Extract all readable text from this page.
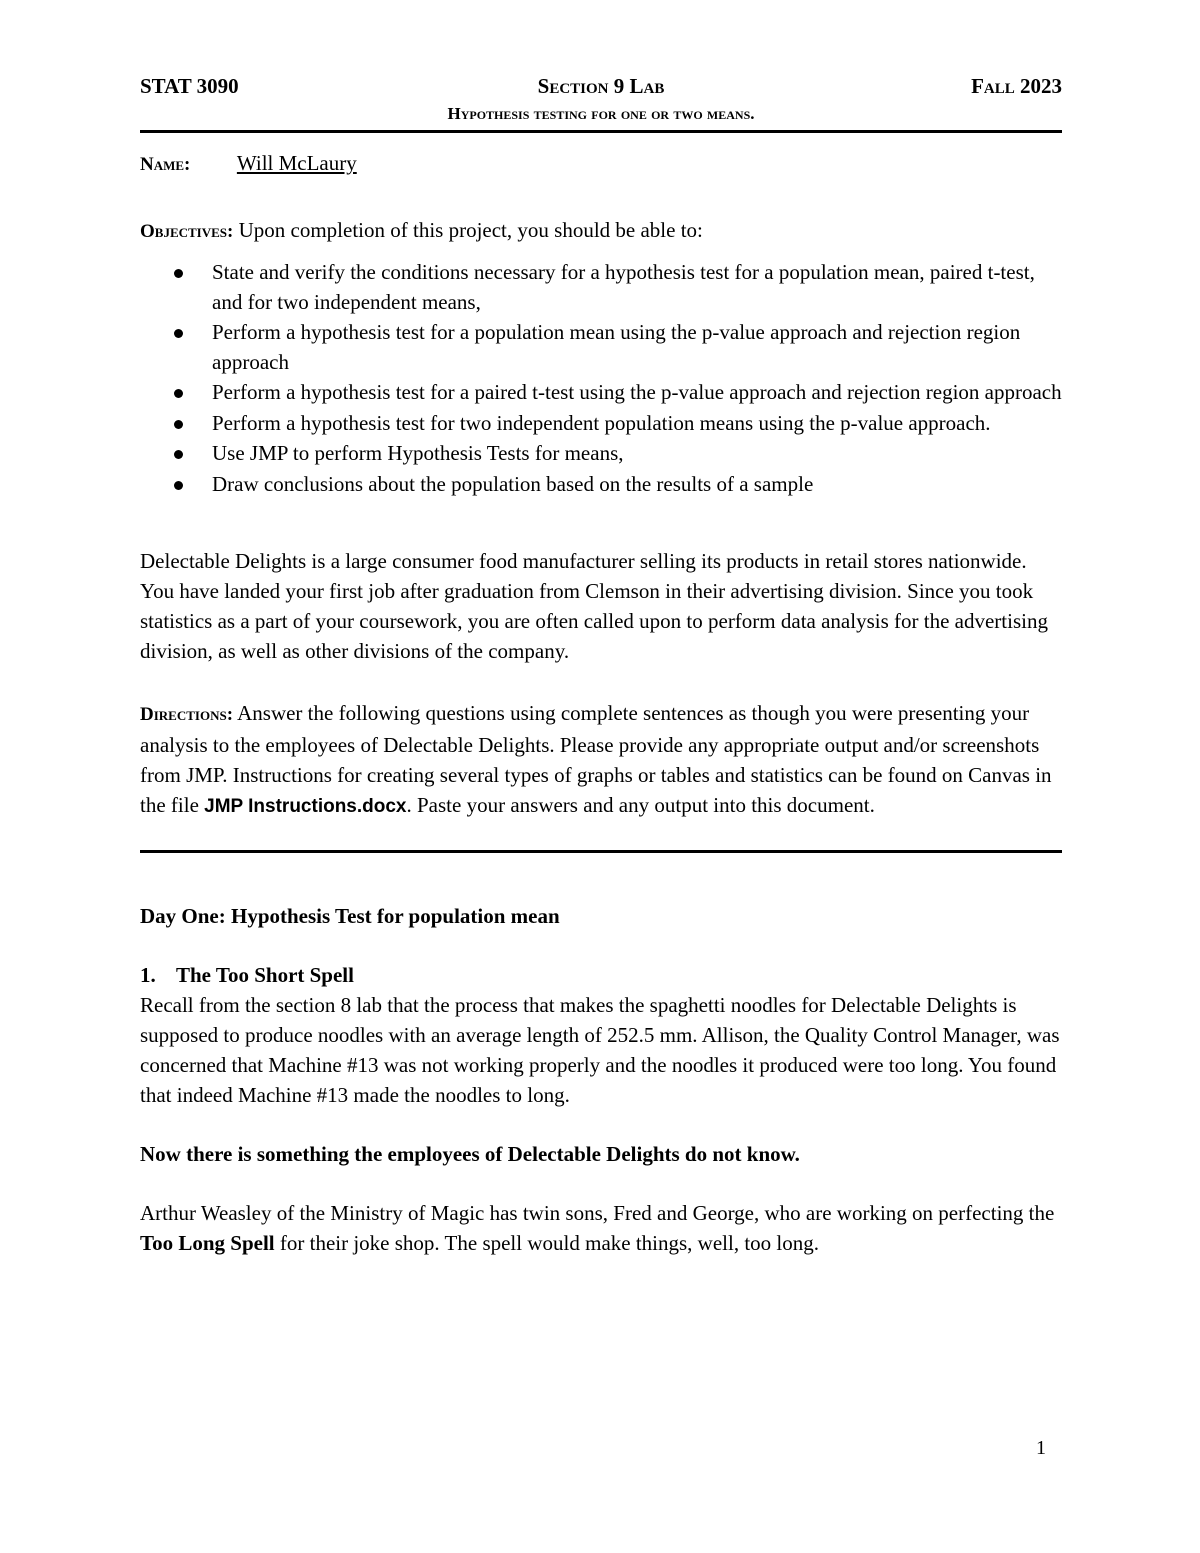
STAT 3090	Section 9 Lab	Fall 2023
Hypothesis testing for one or two means.
Name: Will McLaury
Objectives: Upon completion of this project, you should be able to:
State and verify the conditions necessary for a hypothesis test for a population mean, paired t-test, and for two independent means,
Perform a hypothesis test for a population mean using the p-value approach and rejection region approach
Perform a hypothesis test for a paired t-test using the p-value approach and rejection region approach
Perform a hypothesis test for two independent population means using the p-value approach.
Use JMP to perform Hypothesis Tests for means,
Draw conclusions about the population based on the results of a sample
Delectable Delights is a large consumer food manufacturer selling its products in retail stores nationwide. You have landed your first job after graduation from Clemson in their advertising division. Since you took statistics as a part of your coursework, you are often called upon to perform data analysis for the advertising division, as well as other divisions of the company.
Directions: Answer the following questions using complete sentences as though you were presenting your analysis to the employees of Delectable Delights. Please provide any appropriate output and/or screenshots from JMP. Instructions for creating several types of graphs or tables and statistics can be found on Canvas in the file JMP Instructions.docx. Paste your answers and any output into this document.
Day One: Hypothesis Test for population mean
1. The Too Short Spell
Recall from the section 8 lab that the process that makes the spaghetti noodles for Delectable Delights is supposed to produce noodles with an average length of 252.5 mm. Allison, the Quality Control Manager, was concerned that Machine #13 was not working properly and the noodles it produced were too long. You found that indeed Machine #13 made the noodles to long.
Now there is something the employees of Delectable Delights do not know.
Arthur Weasley of the Ministry of Magic has twin sons, Fred and George, who are working on perfecting the Too Long Spell for their joke shop. The spell would make things, well, too long.
1
